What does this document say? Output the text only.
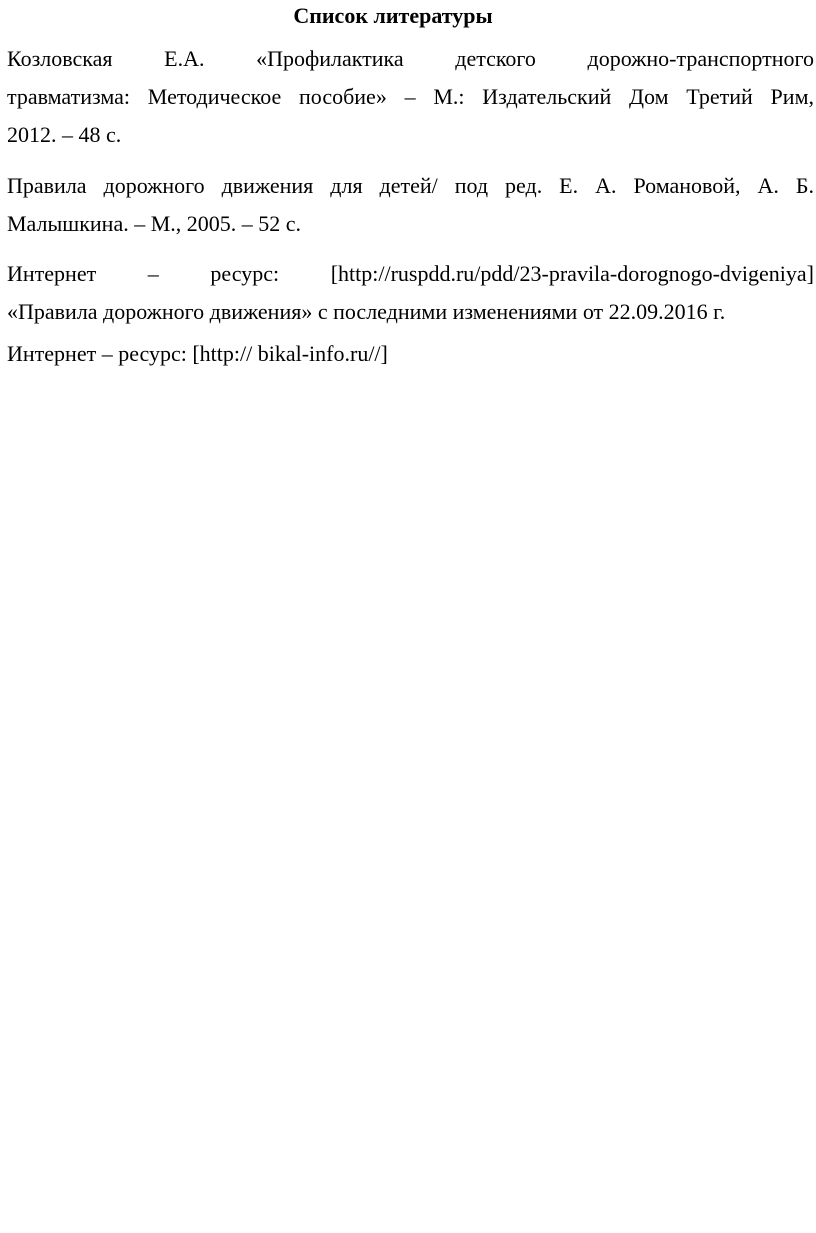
Список литературы

Козловская Е.А. «Профилактика детского дорожно-транспортного
травматизма: Методическое пособие» – М.: Издательский Дом Третий Рим,
2012. – 48 с.

Правила дорожного движения для детей/ под ред. Е. А. Романовой, А. Б.
Малышкина. – М., 2005. – 52 с.

Интернет – ресурс: [http://ruspdd.ru/pdd/23-pravila-dorognogo-dvigeniya]
«Правила дорожного движения» с последними изменениями от 22.09.2016 г.

Интернет – ресурс: [http:// bikal-info.ru//]
